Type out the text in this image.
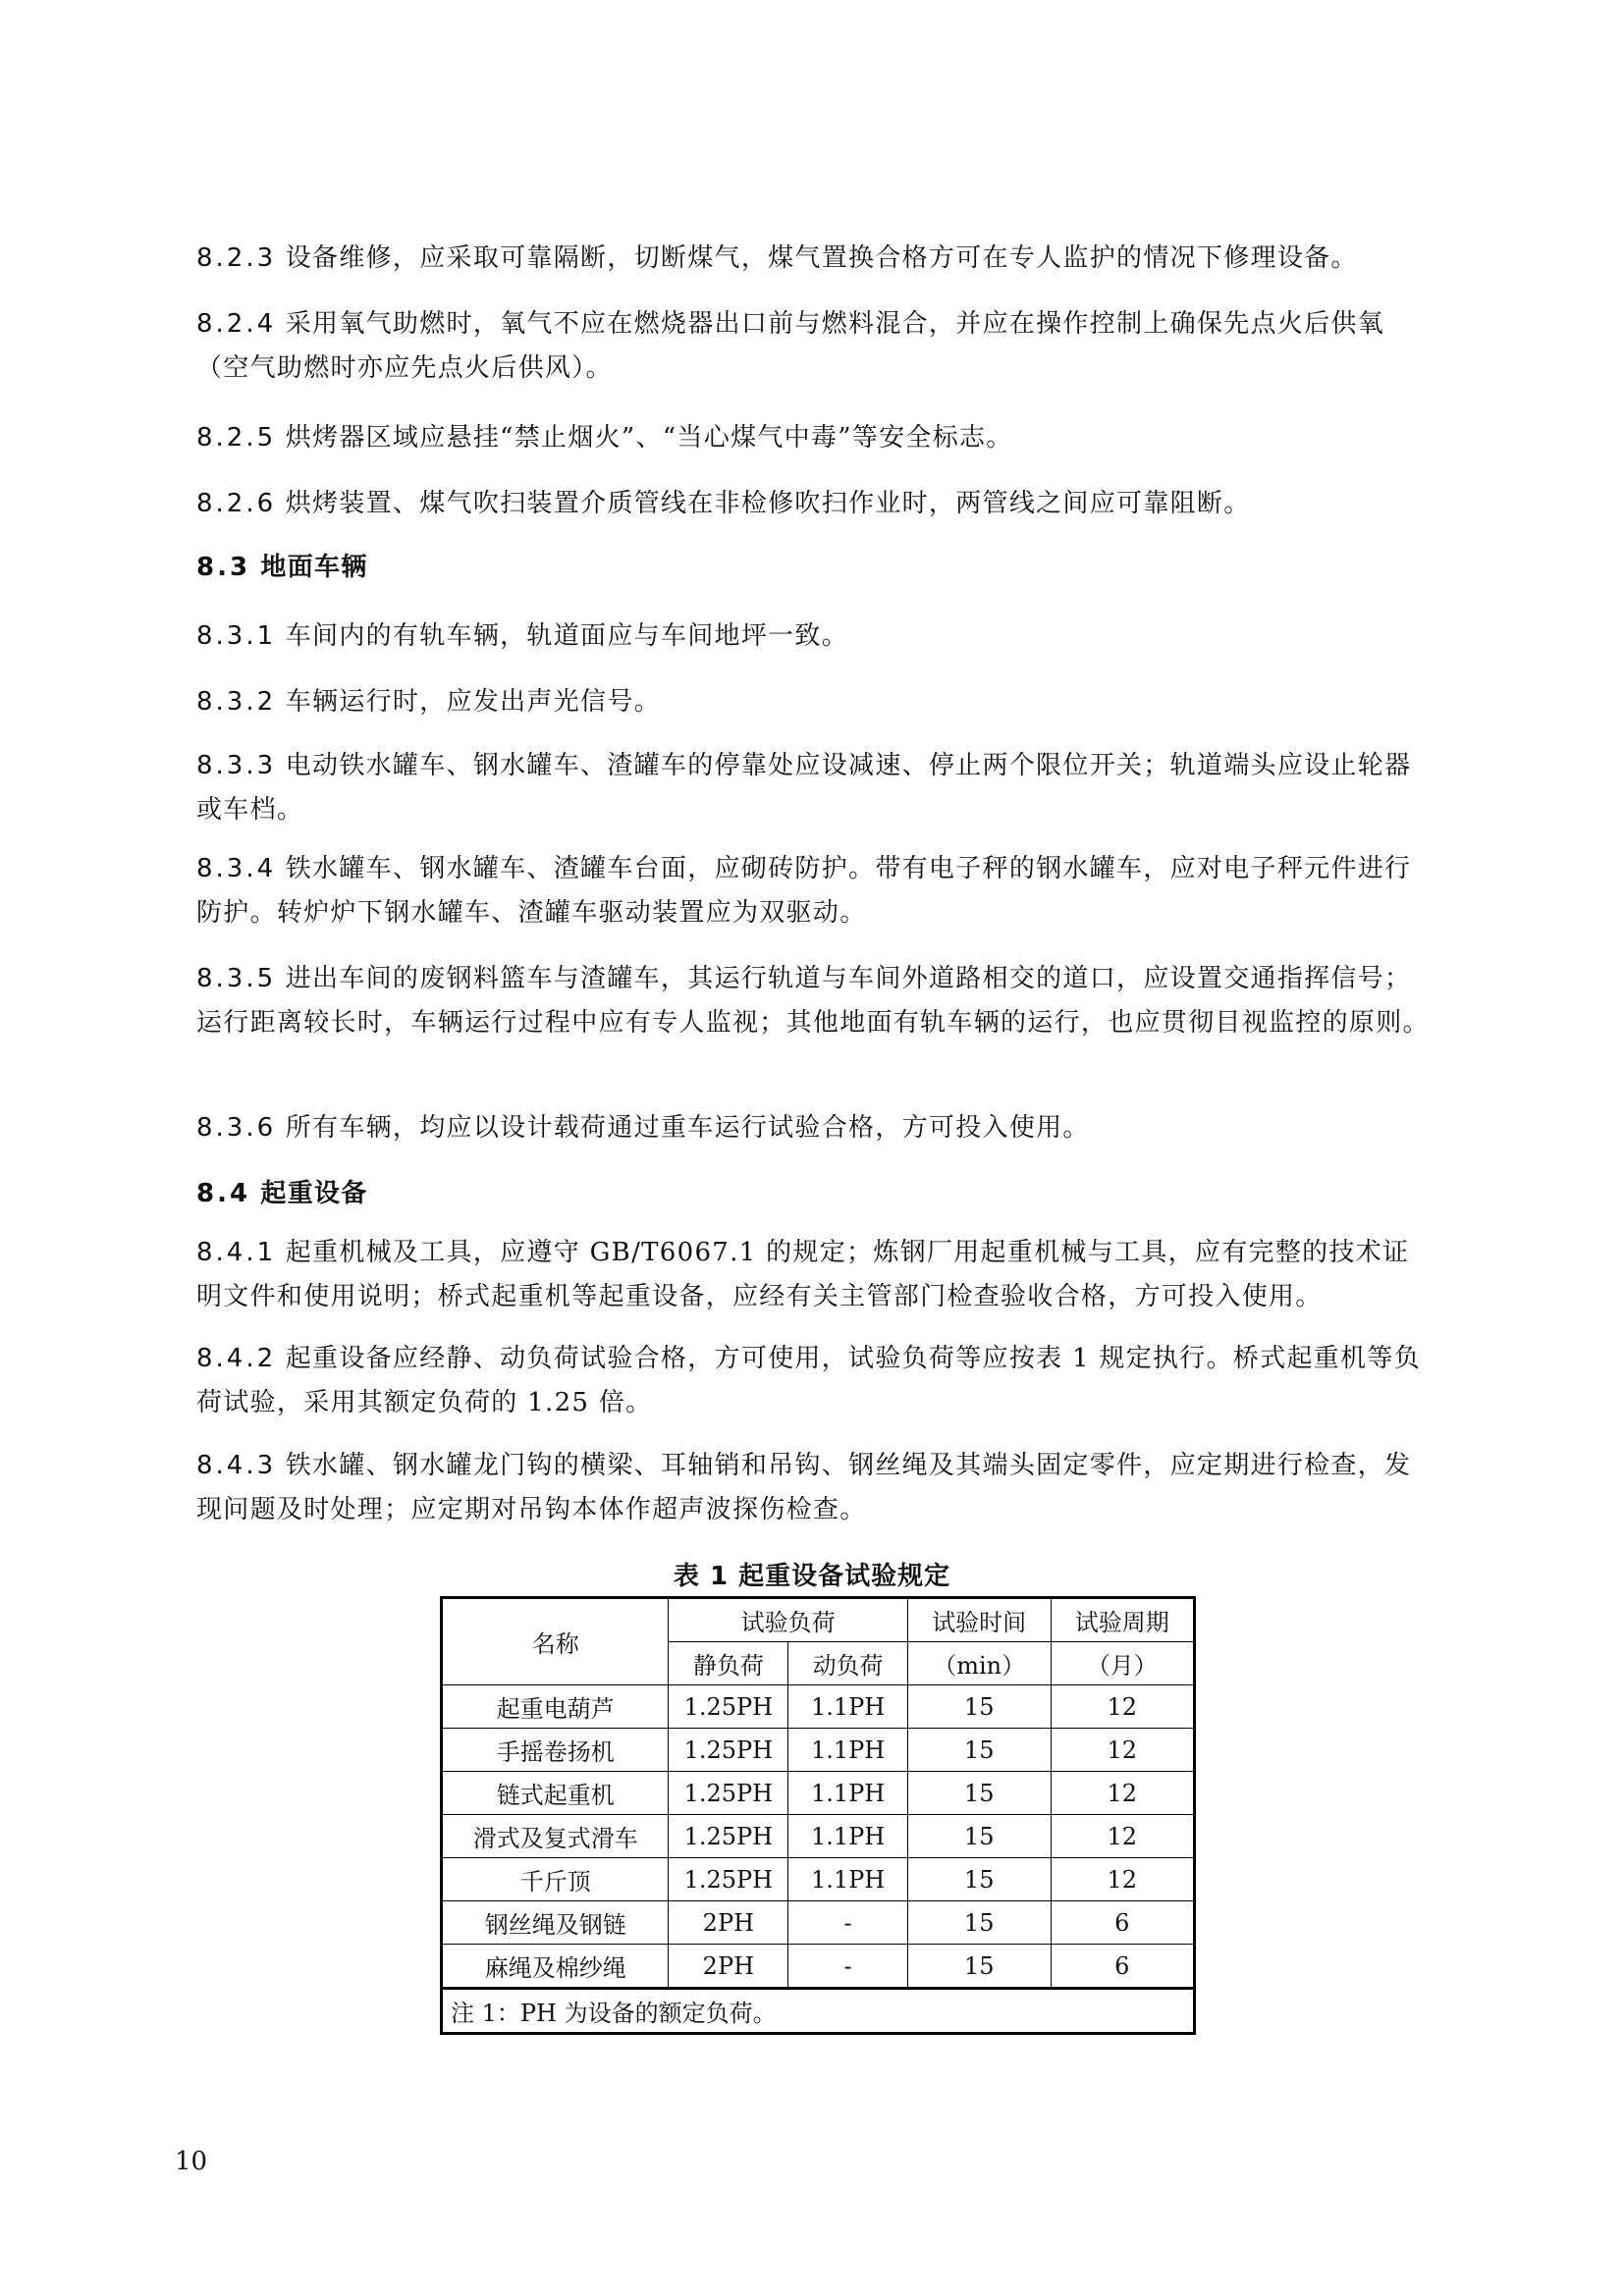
8.2.3 设备维修，应采取可靠隔断，切断煤气，煤气置换合格方可在专人监护的情况下修理设备。

8.2.4 采用氧气助燃时，氧气不应在燃烧器出口前与燃料混合，并应在操作控制上确保先点火后供氧（空气助燃时亦应先点火后供风）。

8.2.5 烘烤器区域应悬挂“禁止烟火”、“当心煤气中毒”等安全标志。

8.2.6 烘烤装置、煤气吹扫装置介质管线在非检修吹扫作业时，两管线之间应可靠阻断。

8.3 地面车辆

8.3.1 车间内的有轨车辆，轨道面应与车间地坪一致。

8.3.2 车辆运行时，应发出声光信号。

8.3.3 电动铁水罐车、钢水罐车、渣罐车的停靠处应设减速、停止两个限位开关；轨道端头应设止轮器或车档。

8.3.4 铁水罐车、钢水罐车、渣罐车台面，应砌砖防护。带有电子秤的钢水罐车，应对电子秤元件进行防护。转炉炉下钢水罐车、渣罐车驱动装置应为双驱动。

8.3.5 进出车间的废钢料篮车与渣罐车，其运行轨道与车间外道路相交的道口，应设置交通指挥信号；运行距离较长时，车辆运行过程中应有专人监视；其他地面有轨车辆的运行，也应贯彻目视监控的原则。

8.3.6 所有车辆，均应以设计载荷通过重车运行试验合格，方可投入使用。

8.4 起重设备

8.4.1 起重机械及工具，应遵守 GB/T6067.1 的规定；炼钢厂用起重机械与工具，应有完整的技术证明文件和使用说明；桥式起重机等起重设备，应经有关主管部门检查验收合格，方可投入使用。

8.4.2 起重设备应经静、动负荷试验合格，方可使用，试验负荷等应按表 1 规定执行。桥式起重机等负荷试验，采用其额定负荷的 1.25 倍。

8.4.3 铁水罐、钢水罐龙门钩的横梁、耳轴销和吊钩、钢丝绳及其端头固定零件，应定期进行检查，发现问题及时处理；应定期对吊钩本体作超声波探伤检查。

表 1 起重设备试验规定
名称	试验负荷		试验时间	试验周期
	静负荷	动负荷	（min）	（月）
起重电葫芦	1.25PH	1.1PH	15	12
手摇卷扬机	1.25PH	1.1PH	15	12
链式起重机	1.25PH	1.1PH	15	12
滑式及复式滑车	1.25PH	1.1PH	15	12
千斤顶	1.25PH	1.1PH	15	12
钢丝绳及钢链	2PH	-	15	6
麻绳及棉纱绳	2PH	-	15	6
注 1：PH 为设备的额定负荷。				
10
